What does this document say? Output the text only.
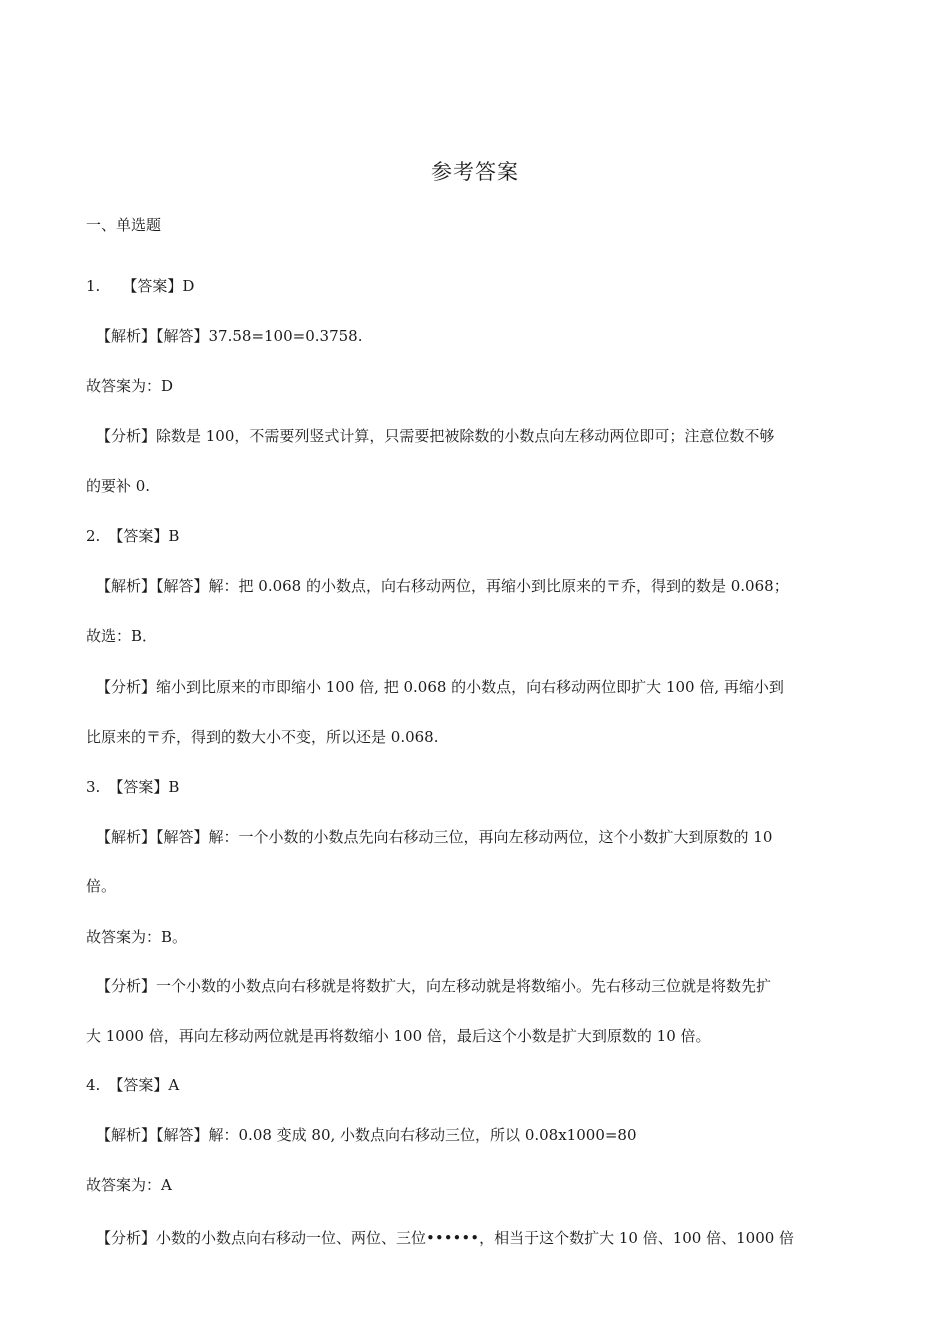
参考答案
一、单选题
1. 【答案】D
【解析】【解答】37.58=100=0.3758.
故答案为：D
【分析】除数是 100，不需要列竖式计算，只需要把被除数的小数点向左移动两位即可；注意位数不够
的要补 0.
2. 【答案】B
【解析】【解答】解：把 0.068 的小数点，向右移动两位，再缩小到比原来的〒乔，得到的数是 0.068；
故选：B．
【分析】缩小到比原来的市即缩小 100 倍, 把 0.068 的小数点，向右移动两位即扩大 100 倍, 再缩小到
比原来的〒乔，得到的数大小不变，所以还是 0.068.
3. 【答案】B
【解析】【解答】解：一个小数的小数点先向右移动三位，再向左移动两位，这个小数扩大到原数的 10
倍。
故答案为：B。
【分析】一个小数的小数点向右移就是将数扩大，向左移动就是将数缩小。先右移动三位就是将数先扩
大 1000 倍，再向左移动两位就是再将数缩小 100 倍，最后这个小数是扩大到原数的 10 倍。
4. 【答案】A
【解析】【解答】解：0.08 变成 80, 小数点向右移动三位，所以 0.08x1000=80
故答案为：A
【分析】小数的小数点向右移动一位、两位、三位••••••，相当于这个数扩大 10 倍、100 倍、1000 倍
